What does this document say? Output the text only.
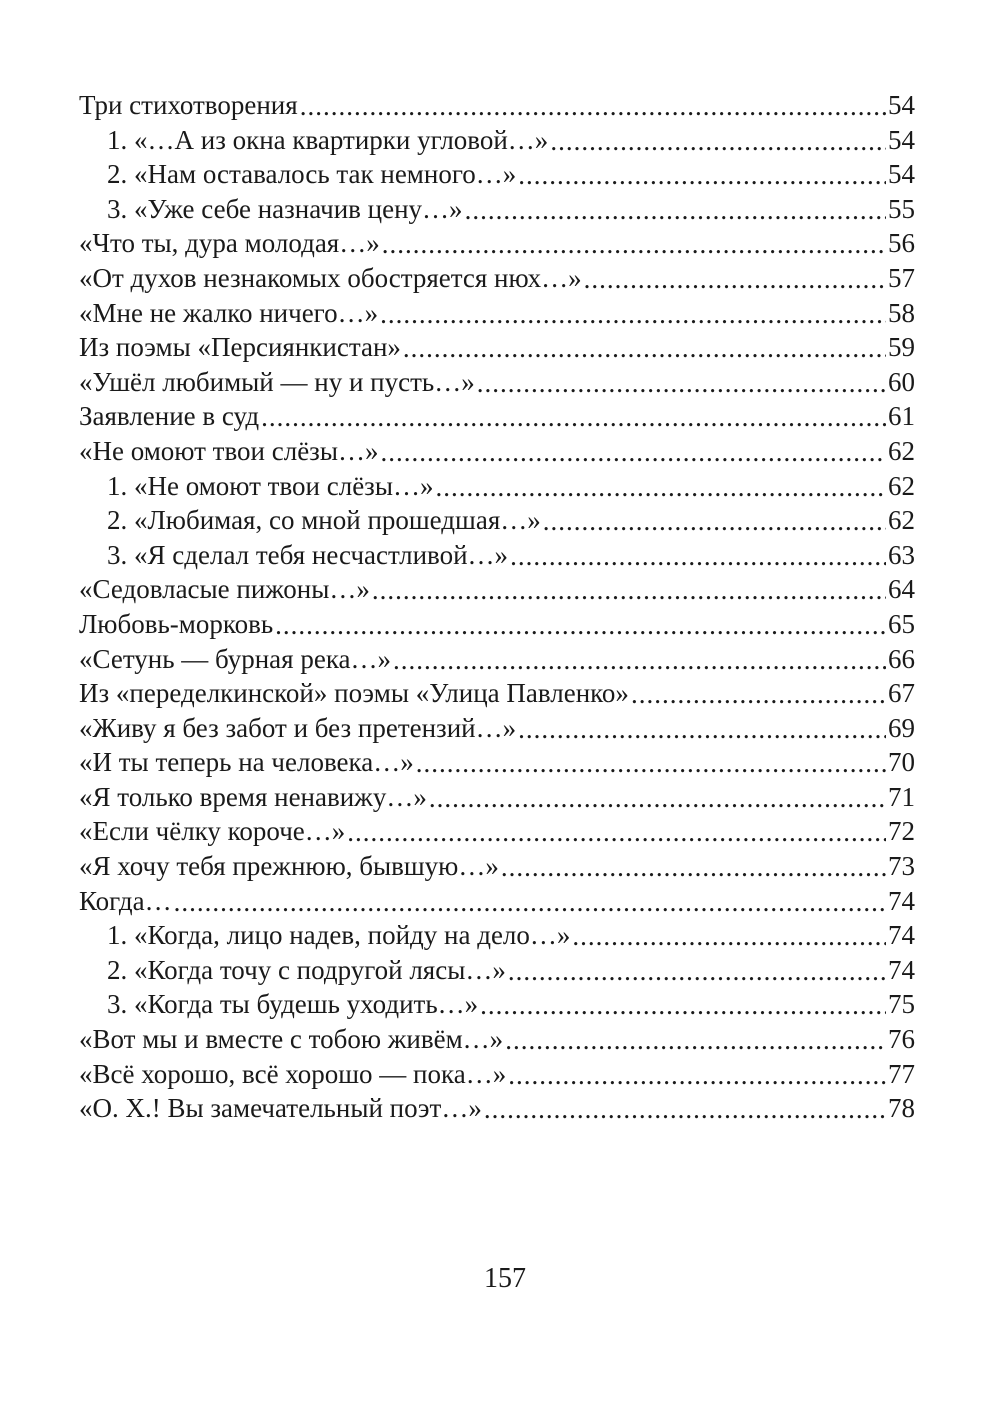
Три стихотворения .....	54
1. «…А из окна квартирки угловой…» .....	54
2. «Нам оставалось так немного…» .....	54
3. «Уже себе назначив цену…» .....	55
«Что ты, дура молодая…» .....	56
«От духов незнакомых обостряется нюх…» .....	57
«Мне не жалко ничего…» .....	58
Из поэмы «Персиянкистан» .....	59
«Ушёл любимый — ну и пусть…» .....	60
Заявление в суд .....	61
«Не омоют твои слёзы…» .....	62
1. «Не омоют твои слёзы…» .....	62
2. «Любимая, со мной прошедшая…» .....	62
3. «Я сделал тебя несчастливой…» .....	63
«Седовласые пижоны…» .....	64
Любовь-морковь .....	65
«Сетунь — бурная река…» .....	66
Из «переделкинской» поэмы «Улица Павленко» .....	67
«Живу я без забот и без претензий…» .....	69
«И ты теперь на человека…» .....	70
«Я только время ненавижу…» .....	71
«Если чёлку короче…» .....	72
«Я хочу тебя прежнюю, бывшую…» .....	73
Когда… .....	74
1. «Когда, лицо надев, пойду на дело…» .....	74
2. «Когда точу с подругой лясы…» .....	74
3. «Когда ты будешь уходить…» .....	75
«Вот мы и вместе с тобою живём…» .....	76
«Всё хорошо, всё хорошо — пока…» .....	77
«О. Х.! Вы замечательный поэт…» .....	78
157
